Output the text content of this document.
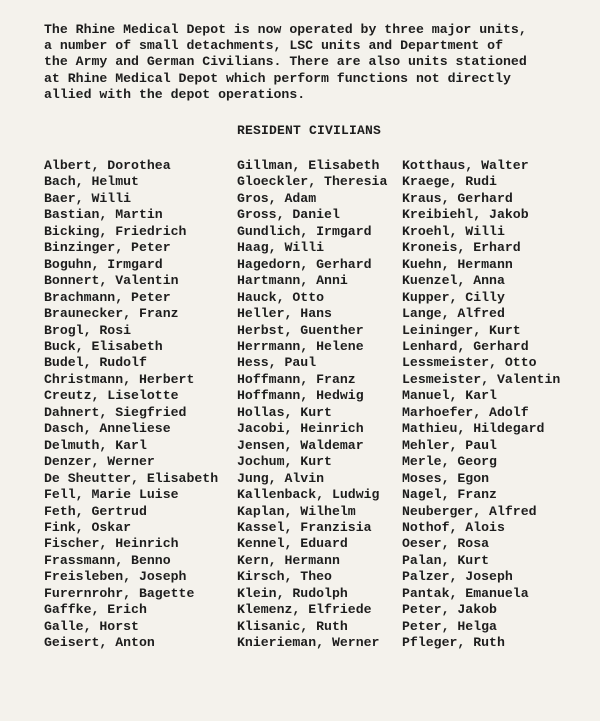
The Rhine Medical Depot is now operated by three major units,
a number of small detachments, LSC units and Department of
the Army and German Civilians. There are also units stationed
at Rhine Medical Depot which perform functions not directly
allied with the depot operations.
RESIDENT CIVILIANS
Albert, Dorothea
Bach, Helmut
Baer, Willi
Bastian, Martin
Bicking, Friedrich
Binzinger, Peter
Boguhn, Irmgard
Bonnert, Valentin
Brachmann, Peter
Braunecker, Franz
Brogl, Rosi
Buck, Elisabeth
Budel, Rudolf
Christmann, Herbert
Creutz, Liselotte
Dahnert, Siegfried
Dasch, Anneliese
Delmuth, Karl
Denzer, Werner
De Sheutter, Elisabeth
Fell, Marie Luise
Feth, Gertrud
Fink, Oskar
Fischer, Heinrich
Frassmann, Benno
Freisleben, Joseph
Furernrohr, Bagette
Gaffke, Erich
Galle, Horst
Geisert, Anton
Gillman, Elisabeth
Gloeckler, Theresia
Gros, Adam
Gross, Daniel
Gundlich, Irmgard
Haag, Willi
Hagedorn, Gerhard
Hartmann, Anni
Hauck, Otto
Heller, Hans
Herbst, Guenther
Herrmann, Helene
Hess, Paul
Hoffmann, Franz
Hoffmann, Hedwig
Hollas, Kurt
Jacobi, Heinrich
Jensen, Waldemar
Jochum, Kurt
Jung, Alvin
Kallenback, Ludwig
Kaplan, Wilhelm
Kassel, Franzisia
Kennel, Eduard
Kern, Hermann
Kirsch, Theo
Klein, Rudolph
Klemenz, Elfriede
Klisanic, Ruth
Knierieman, Werner
Kotthaus, Walter
Kraege, Rudi
Kraus, Gerhard
Kreibiehl, Jakob
Kroehl, Willi
Kroneis, Erhard
Kuehn, Hermann
Kuenzel, Anna
Kupper, Cilly
Lange, Alfred
Leininger, Kurt
Lenhard, Gerhard
Lessmeister, Otto
Lesmeister, Valentin
Manuel, Karl
Marhoefer, Adolf
Mathieu, Hildegard
Mehler, Paul
Merle, Georg
Moses, Egon
Nagel, Franz
Neuberger, Alfred
Nothof, Alois
Oeser, Rosa
Palan, Kurt
Palzer, Joseph
Pantak, Emanuela
Peter, Jakob
Peter, Helga
Pfleger, Ruth
